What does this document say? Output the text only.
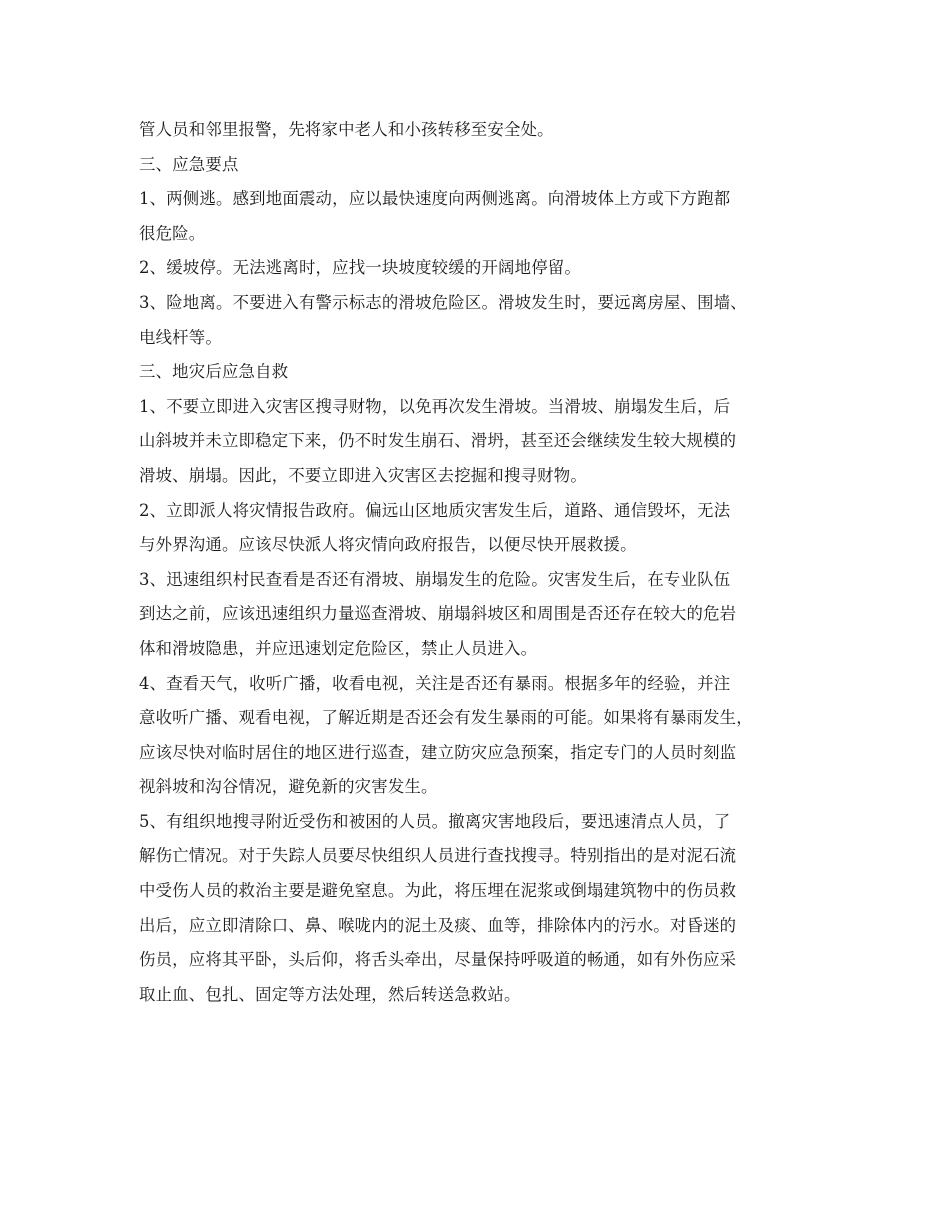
管人员和邻里报警，先将家中老人和小孩转移至安全处。
三、应急要点
1、两侧逃。感到地面震动，应以最快速度向两侧逃离。向滑坡体上方或下方跑都
很危险。
2、缓坡停。无法逃离时，应找一块坡度较缓的开阔地停留。
3、险地离。不要进入有警示标志的滑坡危险区。滑坡发生时，要远离房屋、围墙、
电线杆等。
三、地灾后应急自救
1、不要立即进入灾害区搜寻财物，以免再次发生滑坡。当滑坡、崩塌发生后，后
山斜坡并未立即稳定下来，仍不时发生崩石、滑坍，甚至还会继续发生较大规模的
滑坡、崩塌。因此，不要立即进入灾害区去挖掘和搜寻财物。
2、立即派人将灾情报告政府。偏远山区地质灾害发生后，道路、通信毁坏，无法
与外界沟通。应该尽快派人将灾情向政府报告，以便尽快开展救援。
3、迅速组织村民查看是否还有滑坡、崩塌发生的危险。灾害发生后，在专业队伍
到达之前，应该迅速组织力量巡查滑坡、崩塌斜坡区和周围是否还存在较大的危岩
体和滑坡隐患，并应迅速划定危险区，禁止人员进入。
4、查看天气，收听广播，收看电视，关注是否还有暴雨。根据多年的经验，并注
意收听广播、观看电视，了解近期是否还会有发生暴雨的可能。如果将有暴雨发生，
应该尽快对临时居住的地区进行巡查，建立防灾应急预案，指定专门的人员时刻监
视斜坡和沟谷情况，避免新的灾害发生。
5、有组织地搜寻附近受伤和被困的人员。撤离灾害地段后，要迅速清点人员，了
解伤亡情况。对于失踪人员要尽快组织人员进行查找搜寻。特别指出的是对泥石流
中受伤人员的救治主要是避免窒息。为此，将压埋在泥浆或倒塌建筑物中的伤员救
出后，应立即清除口、鼻、喉咙内的泥土及痰、血等，排除体内的污水。对昏迷的
伤员，应将其平卧，头后仰，将舌头牵出，尽量保持呼吸道的畅通，如有外伤应采
取止血、包扎、固定等方法处理，然后转送急救站。
